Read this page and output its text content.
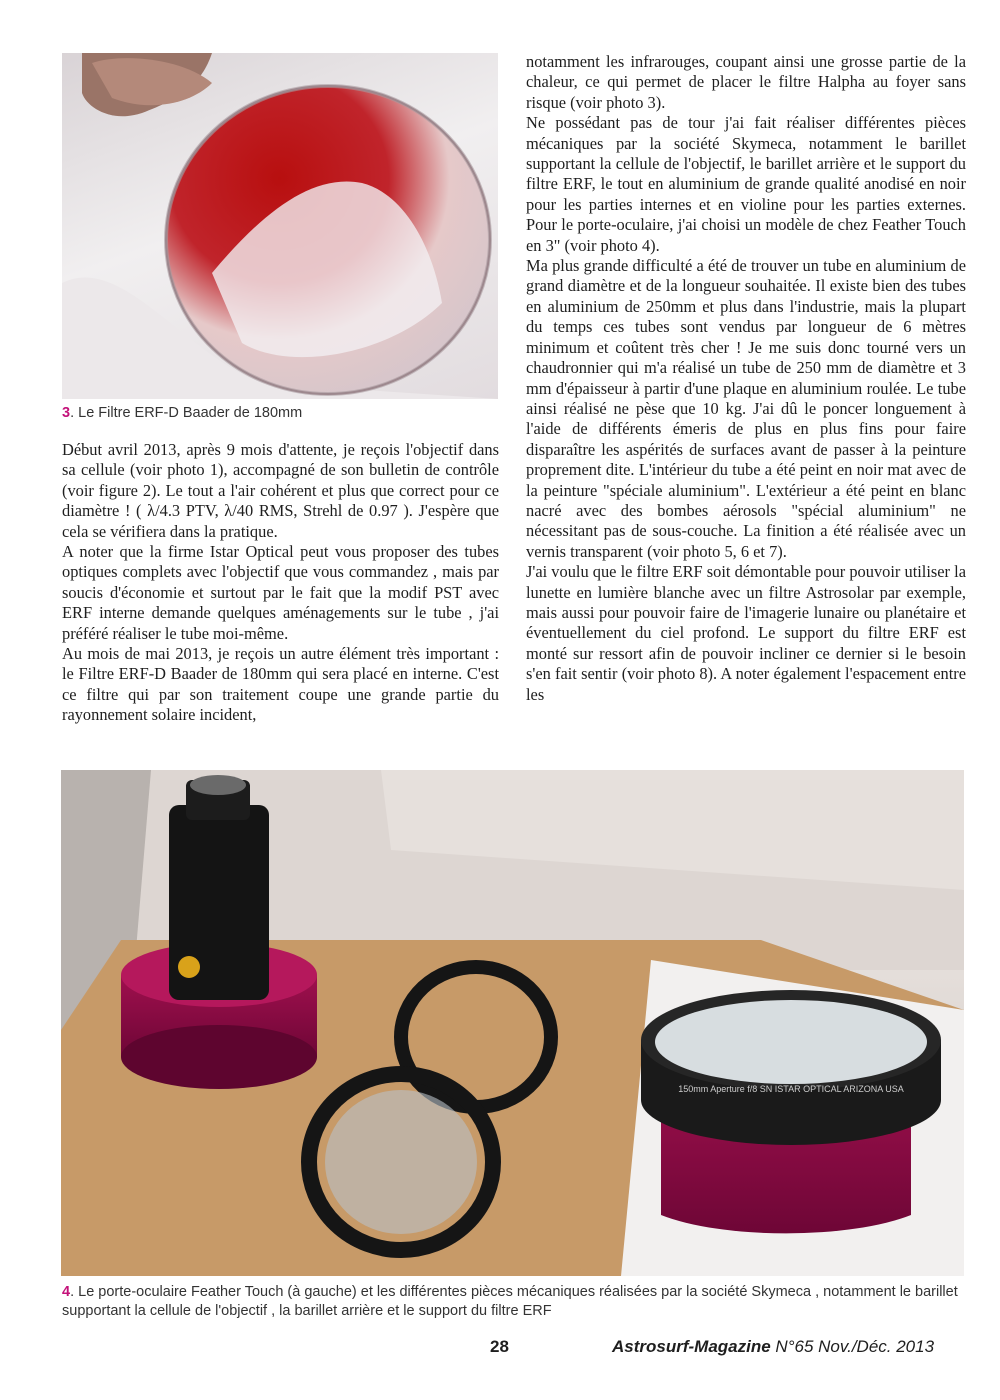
3. Le Filtre ERF-D Baader de 180mm

Début avril 2013, après 9 mois d'attente, je reçois l'objectif dans sa cellule (voir photo 1), accompagné de son bulletin de contrôle (voir figure 2). Le tout a l'air cohérent et plus que correct pour ce diamètre ! ( λ/4.3 PTV, λ/40 RMS, Strehl de 0.97 ). J'espère que cela se vérifiera dans la pratique.

A noter que la firme Istar Optical peut vous proposer des tubes optiques complets avec l'objectif que vous commandez , mais par soucis d'économie et surtout par le fait que la modif PST avec ERF interne demande quelques aménagements sur le tube , j'ai préféré réaliser le tube moi-même.

Au mois de mai 2013, je reçois un autre élément très important : le Filtre ERF-D Baader de 180mm qui sera placé en interne. C'est ce filtre qui par son traitement coupe une grande partie du rayonnement solaire incident,

notamment les infrarouges, coupant ainsi une grosse partie de la chaleur, ce qui permet de placer le filtre Halpha au foyer sans risque (voir photo 3).

Ne possédant pas de tour j'ai fait réaliser différentes pièces mécaniques par la société Skymeca, notamment le barillet supportant la cellule de l'objectif, le barillet arrière et le support du filtre ERF, le tout en aluminium de grande qualité anodisé en noir pour les parties internes et en violine pour les parties externes. Pour le porte-oculaire, j'ai choisi un modèle de chez Feather Touch en 3" (voir photo 4).

Ma plus grande difficulté a été de trouver un tube en aluminium de grand diamètre et de la longueur souhaitée. Il existe bien des tubes en aluminium de 250mm et plus dans l'industrie, mais la plupart du temps ces tubes sont vendus par longueur de 6 mètres minimum et coûtent très cher ! Je me suis donc tourné vers un chaudronnier qui m'a réalisé un tube de 250 mm de diamètre et 3 mm d'épaisseur à partir d'une plaque en aluminium roulée. Le tube ainsi réalisé ne pèse que 10 kg. J'ai dû le poncer longuement à l'aide de différents émeris de plus en plus fins pour faire disparaître les aspérités de surfaces avant de passer à la peinture proprement dite. L'intérieur du tube a été peint en noir mat avec de la peinture "spéciale aluminium". L'extérieur a été peint en blanc nacré avec des bombes aérosols "spécial aluminium" ne nécessitant pas de sous-couche. La finition a été réalisée avec un vernis transparent (voir photo 5, 6 et 7).

J'ai voulu que le filtre ERF soit démontable pour pouvoir utiliser la lunette en lumière blanche avec un filtre Astrosolar par exemple, mais aussi pour pouvoir faire de l'imagerie lunaire ou planétaire et éventuellement du ciel profond. Le support du filtre ERF est monté sur ressort afin de pouvoir incliner ce dernier si le besoin s'en fait sentir (voir photo 8). A noter également l'espacement entre les

150mm Aperture f/8 SN ISTAR OPTICAL ARIZONA USA
4. Le porte-oculaire Feather Touch (à gauche) et les différentes pièces mécaniques réalisées par la société Skymeca , notamment le barillet supportant la cellule de l'objectif , la barillet arrière et le support du filtre ERF
28	Astrosurf-Magazine N°65 Nov./Déc. 2013
